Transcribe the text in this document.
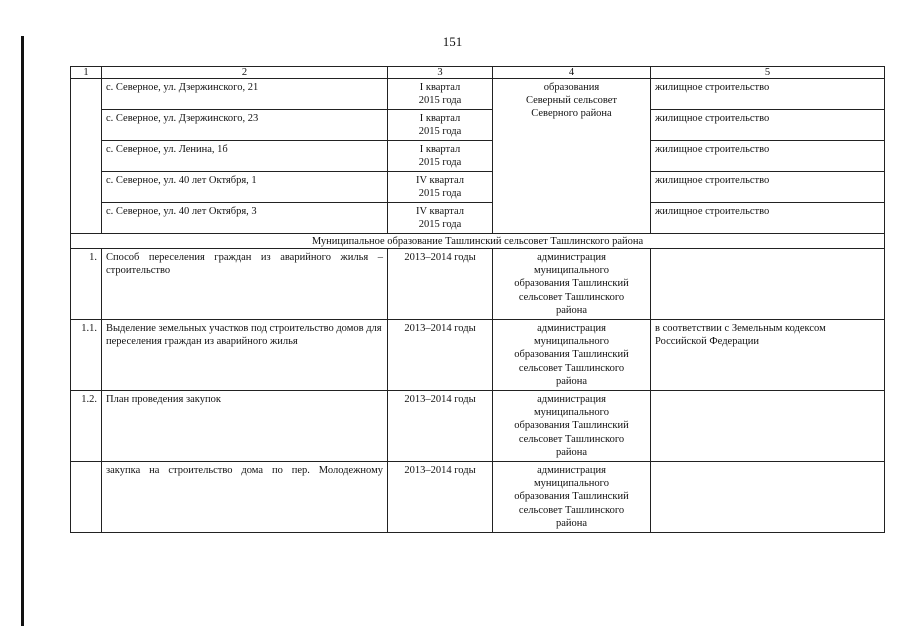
151
1	2	3	4	5
	с. Северное, ул. Дзержинского, 21	I квартал
2015 года	образования
Северный сельсовет
Северного района	жилищное строительство
	с. Северное, ул. Дзержинского, 23	I квартал
2015 года		жилищное строительство
	с. Северное, ул. Ленина, 1б	I квартал
2015 года		жилищное строительство
	с. Северное, ул. 40 лет Октября, 1	IV квартал
2015 года		жилищное строительство
	с. Северное, ул. 40 лет Октября, 3	IV квартал
2015 года		жилищное строительство
Муниципальное образование Ташлинский сельсовет Ташлинского района				
1.	Способ переселения граждан из аварийного жилья – строительство	2013–2014 годы	администрация
муниципального
образования Ташлинский
сельсовет Ташлинского
района	
1.1.	Выделение земельных участков под строительство домов для переселения граждан из аварийного жилья	2013–2014 годы	администрация
муниципального
образования Ташлинский
сельсовет Ташлинского
района	в соответствии с Земельным кодексом Российской Федерации
1.2.	План проведения закупок	2013–2014 годы	администрация
муниципального
образования Ташлинский
сельсовет Ташлинского
района	
	закупка на строительство дома по пер. Молодежному	2013–2014 годы	администрация
муниципального
образования Ташлинский
сельсовет Ташлинского
района	
